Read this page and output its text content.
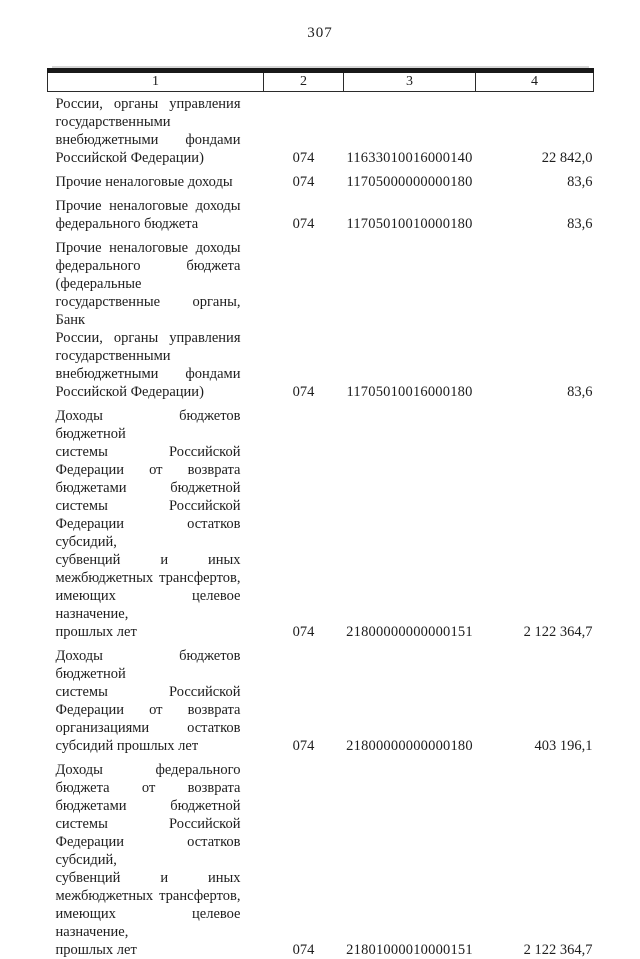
307
1	2	3	4

России, органы управления
государственными
внебюджетными фондами
Российской Федерации)	074	11633010016000140	22 842,0

Прочие неналоговые доходы	074	11705000000000180	83,6

Прочие неналоговые доходы
федерального бюджета	074	11705010010000180	83,6

Прочие неналоговые доходы
федерального бюджета
(федеральные
государственные органы, Банк
России, органы управления
государственными
внебюджетными фондами
Российской Федерации)	074	11705010016000180	83,6

Доходы бюджетов бюджетной
системы Российской
Федерации от возврата
бюджетами бюджетной
системы Российской
Федерации остатков субсидий,
субвенций и иных
межбюджетных трансфертов,
имеющих целевое назначение,
прошлых лет	074	21800000000000151	2 122 364,7

Доходы бюджетов бюджетной
системы Российской
Федерации от возврата
организациями остатков
субсидий прошлых лет	074	21800000000000180	403 196,1

Доходы федерального
бюджета от возврата
бюджетами бюджетной
системы Российской
Федерации остатков субсидий,
субвенций и иных
межбюджетных трансфертов,
имеющих целевое назначение,
прошлых лет	074	21801000010000151	2 122 364,7
